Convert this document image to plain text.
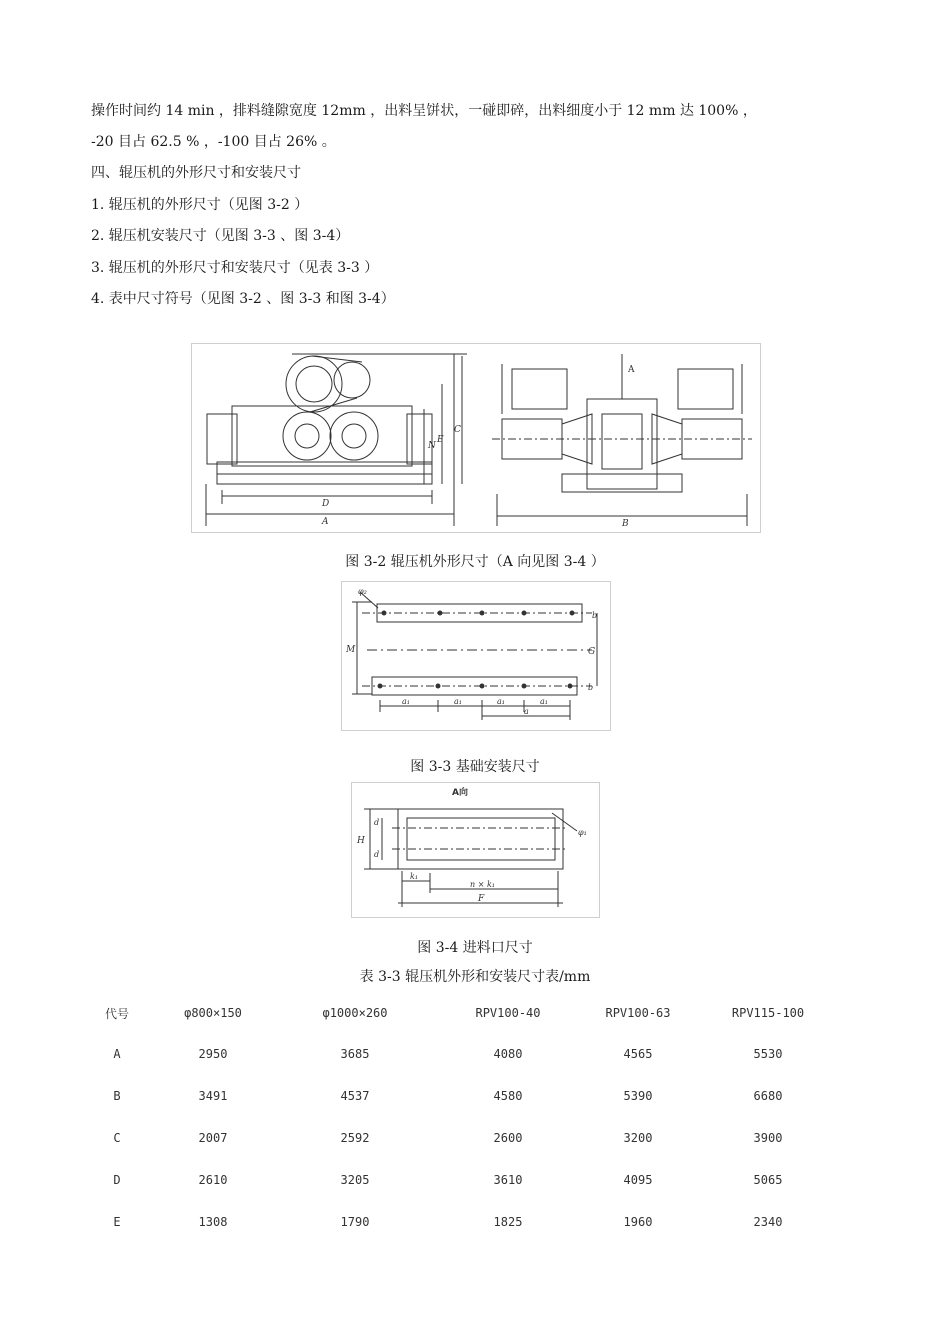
操作时间约 14 min ，排料缝隙宽度 12mm ，出料呈饼状，一碰即碎，出料细度小于 12 mm 达 100% ，
-20 目占 62.5 % ，-100 目占 26% 。
四、辊压机的外形尺寸和安装尺寸
1. 辊压机的外形尺寸（见图 3-2 ）
2. 辊压机安装尺寸（见图 3-3 、图 3-4）
3. 辊压机的外形尺寸和安装尺寸（见表 3-3 ）
4. 表中尺寸符号（见图 3-2 、图 3-3 和图 3-4）
D
A	B
C
E
N
A
图 3-2 辊压机外形尺寸（A 向见图 3-4 ）
φ₂
M	G
b
b
a₁	a₁	a₁	a₁
a
图 3-3 基础安装尺寸
A向
H
d
d
φ₁
k₁
n × k₁
F
图 3-4 进料口尺寸
表 3-3 辊压机外形和安装尺寸表/mm
代号	φ800×150	φ1000×260	RPV100-40	RPV100-63	RPV115-100
A	2950	3685	4080	4565	5530
B	3491	4537	4580	5390	6680
C	2007	2592	2600	3200	3900
D	2610	3205	3610	4095	5065
E	1308	1790	1825	1960	2340
